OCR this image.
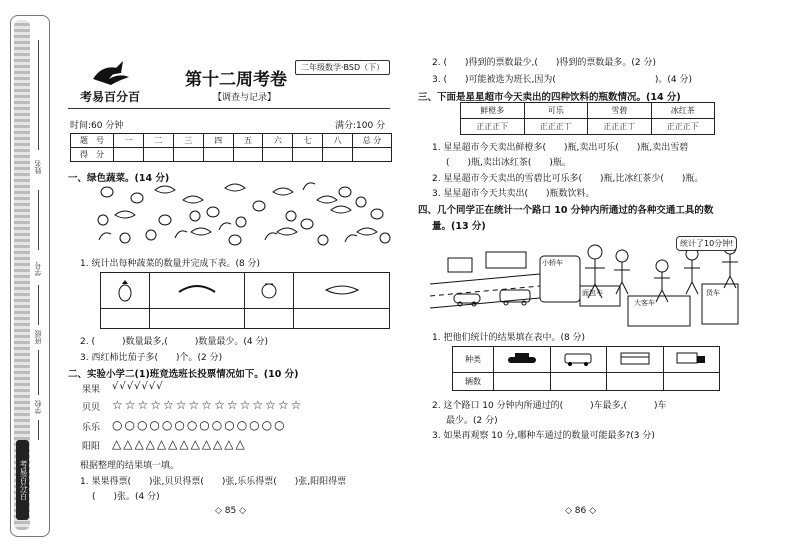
姓名
学号
班级
学校
考易百分百
考易百分百
第十二周考卷
【调查与记录】
二年级数学·BSD（下）
时间:60 分钟	满分:100 分
题　号	一	二	三	四	五	六	七	八	总 分
得　分									
一、绿色蔬菜。(14 分)
1. 统计出每种蔬菜的数量并完成下表。(8 分)

2. (　　　)数量最多,(　　　)数量最少。(4 分)
3. 西红柿比茄子多(　　)个。(2 分)
二、实验小学二(1)班竞选班长投票情况如下。(10 分)
果果 √√√√√√√
贝贝 ☆☆☆☆☆☆☆☆☆☆☆☆☆☆☆
乐乐 ○○○○○○○○○○○○○○
阳阳 △△△△△△△△△△△△
根据整理的结果填一填。
1. 果果得票(　　)张,贝贝得票(　　)张,乐乐得票(　　)张,阳阳得票
(　　)张。(4 分)
◇ 85 ◇
2. (　　)得到的票数最少,(　　)得到的票数最多。(2 分)
3. (　　)可能被选为班长,因为(　　　　　　　　　　　)。(4 分)
三、下面是星星超市今天卖出的四种饮料的瓶数情况。(14 分)
鲜橙多	可乐	雪碧	冰红茶
正正正下	正正正丅	正正正丅	正正正下
1. 星星超市今天卖出鲜橙多(　　)瓶,卖出可乐(　　)瓶,卖出雪碧
(　　)瓶,卖出冰红茶(　　)瓶。
2. 星星超市今天卖出的雪碧比可乐多(　　)瓶,比冰红茶少(　　)瓶。
3. 星星超市今天共卖出(　　)瓶数饮料。
四、几个同学正在统计一个路口 10 分钟内所通过的各种交通工具的数
量。(13 分)
统计了10分钟!
小轿车
面包车
大客车
货车
1. 把他们统计的结果填在表中。(8 分)
种类				
辆数				
2. 这个路口 10 分钟内所通过的(　　　)车最多,(　　　)车
最少。(2 分)
3. 如果再观察 10 分,哪种车通过的数量可能最多?(3 分)
◇ 86 ◇
